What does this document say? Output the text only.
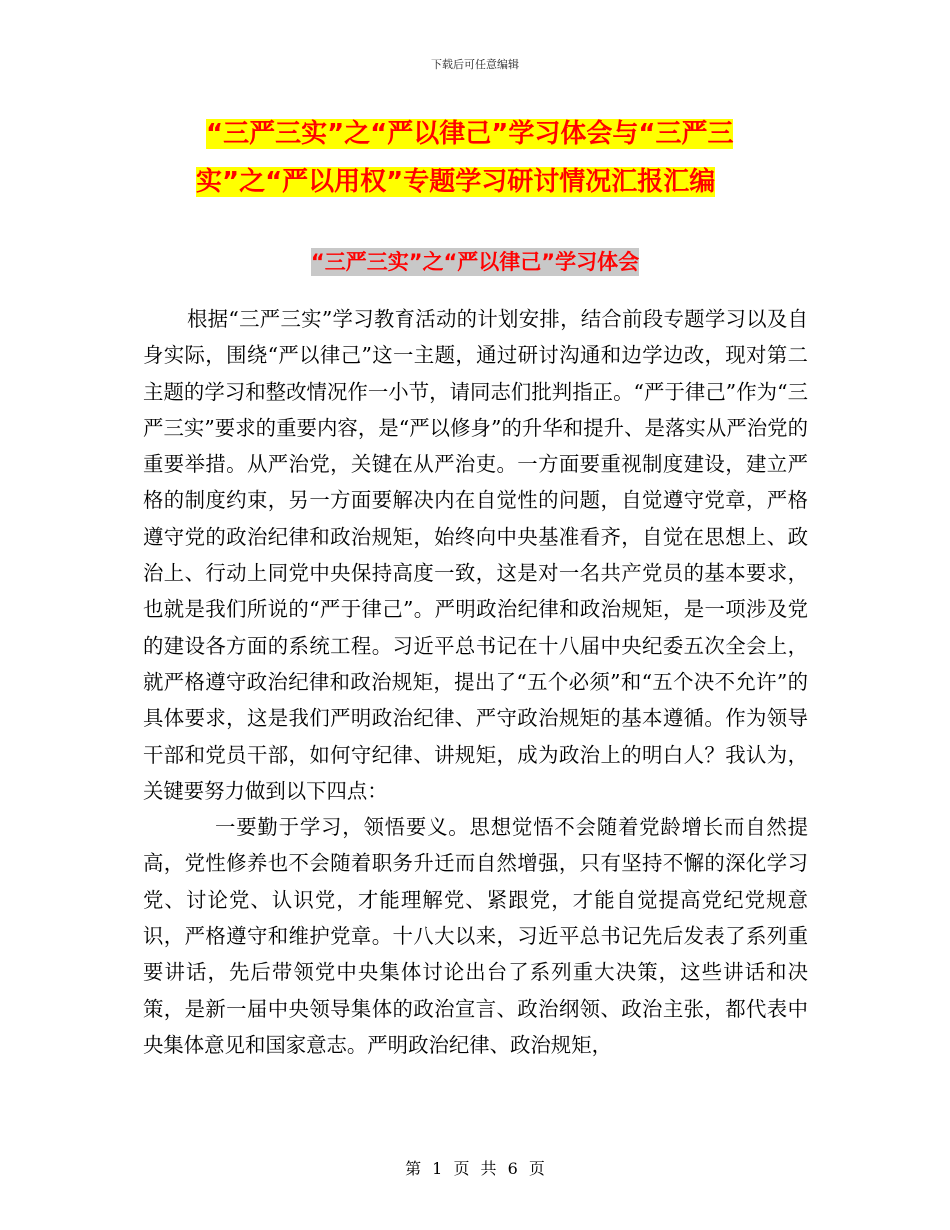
下载后可任意编辑
“三严三实”之“严以律己”学习体会与“三严三
实”之“严以用权”专题学习研讨情况汇报汇编
“三严三实”之“严以律己”学习体会

根据“三严三实”学习教育活动的计划安排，结合前段专题学习以及自身实际，围绕“严以律己”这一主题，通过研讨沟通和边学边改，现对第二主题的学习和整改情况作一小节，请同志们批判指正。“严于律己”作为“三严三实”要求的重要内容，是“严以修身”的升华和提升、是落实从严治党的重要举措。从严治党，关键在从严治吏。一方面要重视制度建设，建立严格的制度约束，另一方面要解决内在自觉性的问题，自觉遵守党章，严格遵守党的政治纪律和政治规矩，始终向中央基准看齐，自觉在思想上、政治上、行动上同党中央保持高度一致，这是对一名共产党员的基本要求，也就是我们所说的“严于律己”。严明政治纪律和政治规矩，是一项涉及党的建设各方面的系统工程。习近平总书记在十八届中央纪委五次全会上，就严格遵守政治纪律和政治规矩，提出了“五个必须”和“五个决不允许”的具体要求，这是我们严明政治纪律、严守政治规矩的基本遵循。作为领导干部和党员干部，如何守纪律、讲规矩，成为政治上的明白人？我认为，关键要努力做到以下四点：

一要勤于学习，领悟要义。思想觉悟不会随着党龄增长而自然提高，党性修养也不会随着职务升迁而自然增强，只有坚持不懈的深化学习党、讨论党、认识党，才能理解党、紧跟党，才能自觉提高党纪党规意识，严格遵守和维护党章。十八大以来，习近平总书记先后发表了系列重要讲话，先后带领党中央集体讨论出台了系列重大决策，这些讲话和决策，是新一届中央领导集体的政治宣言、政治纲领、政治主张，都代表中央集体意见和国家意志。严明政治纪律、政治规矩，

第 1 页 共 6 页
